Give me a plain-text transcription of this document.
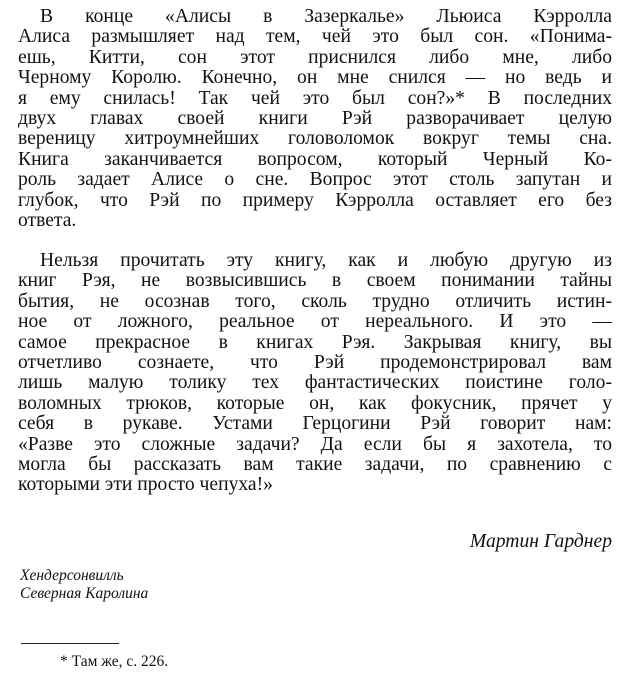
В конце «Алисы в Зазеркалье» Льюиса Кэрролла
Алиса размышляет над тем, чей это был сон. «Понима-
ешь, Китти, сон этот приснился либо мне, либо
Черному Королю. Конечно, он мне снился — но ведь и
я ему снилась! Так чей это был сон?»* В последних
двух главах своей книги Рэй разворачивает целую
вереницу хитроумнейших головоломок вокруг темы сна.
Книга заканчивается вопросом, который Черный Ко-
роль задает Алисе о сне. Вопрос этот столь запутан и
глубок, что Рэй по примеру Кэрролла оставляет его без
ответа.
Нельзя прочитать эту книгу, как и любую другую из
книг Рэя, не возвысившись в своем понимании тайны
бытия, не осознав того, сколь трудно отличить истин-
ное от ложного, реальное от нереального. И это —
самое прекрасное в книгах Рэя. Закрывая книгу, вы
отчетливо сознаете, что Рэй продемонстрировал вам
лишь малую толику тех фантастических поистине голо-
воломных трюков, которые он, как фокусник, прячет у
себя в рукаве. Устами Герцогини Рэй говорит нам:
«Разве это сложные задачи? Да если бы я захотела, то
могла бы рассказать вам такие задачи, по сравнению с
которыми эти просто чепуха!»
Мартин Гарднер
Хендерсонвилль
Северная Каролина
* Там же, с. 226.
